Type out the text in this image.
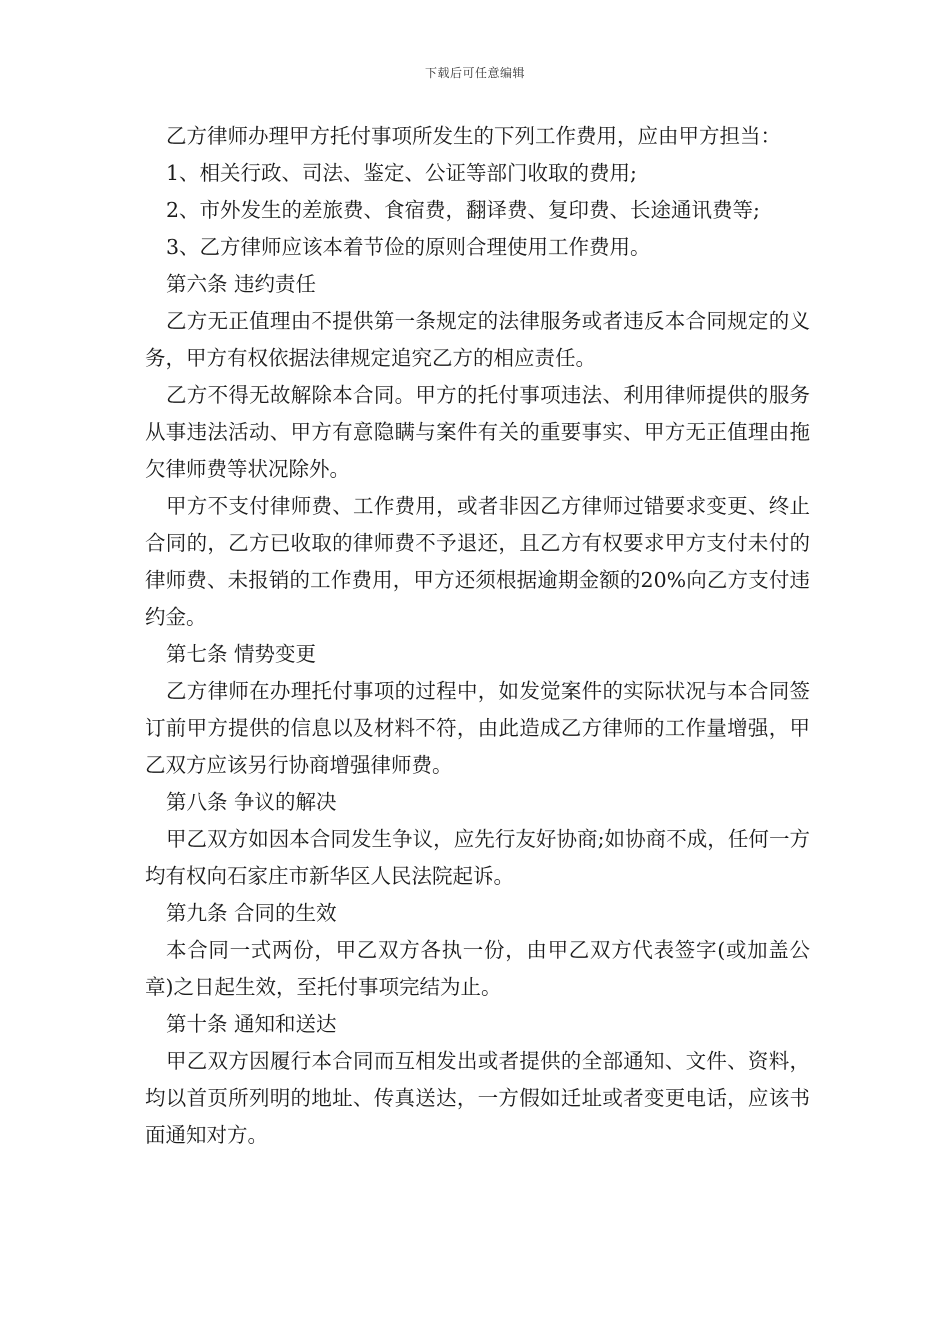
下载后可任意编辑

乙方律师办理甲方托付事项所发生的下列工作费用，应由甲方担当：

1、相关行政、司法、鉴定、公证等部门收取的费用;

2、市外发生的差旅费、食宿费，翻译费、复印费、长途通讯费等;

3、乙方律师应该本着节俭的原则合理使用工作费用。

第六条 违约责任

乙方无正值理由不提供第一条规定的法律服务或者违反本合同规定的义务，甲方有权依据法律规定追究乙方的相应责任。

乙方不得无故解除本合同。甲方的托付事项违法、利用律师提供的服务从事违法活动、甲方有意隐瞒与案件有关的重要事实、甲方无正值理由拖欠律师费等状况除外。

甲方不支付律师费、工作费用，或者非因乙方律师过错要求变更、终止合同的，乙方已收取的律师费不予退还，且乙方有权要求甲方支付未付的律师费、未报销的工作费用，甲方还须根据逾期金额的20%向乙方支付违约金。

第七条 情势变更

乙方律师在办理托付事项的过程中，如发觉案件的实际状况与本合同签订前甲方提供的信息以及材料不符，由此造成乙方律师的工作量增强，甲乙双方应该另行协商增强律师费。

第八条 争议的解决

甲乙双方如因本合同发生争议，应先行友好协商;如协商不成，任何一方均有权向石家庄市新华区人民法院起诉。

第九条 合同的生效

本合同一式两份，甲乙双方各执一份，由甲乙双方代表签字(或加盖公章)之日起生效，至托付事项完结为止。

第十条 通知和送达

甲乙双方因履行本合同而互相发出或者提供的全部通知、文件、资料，均以首页所列明的地址、传真送达，一方假如迁址或者变更电话，应该书面通知对方。
